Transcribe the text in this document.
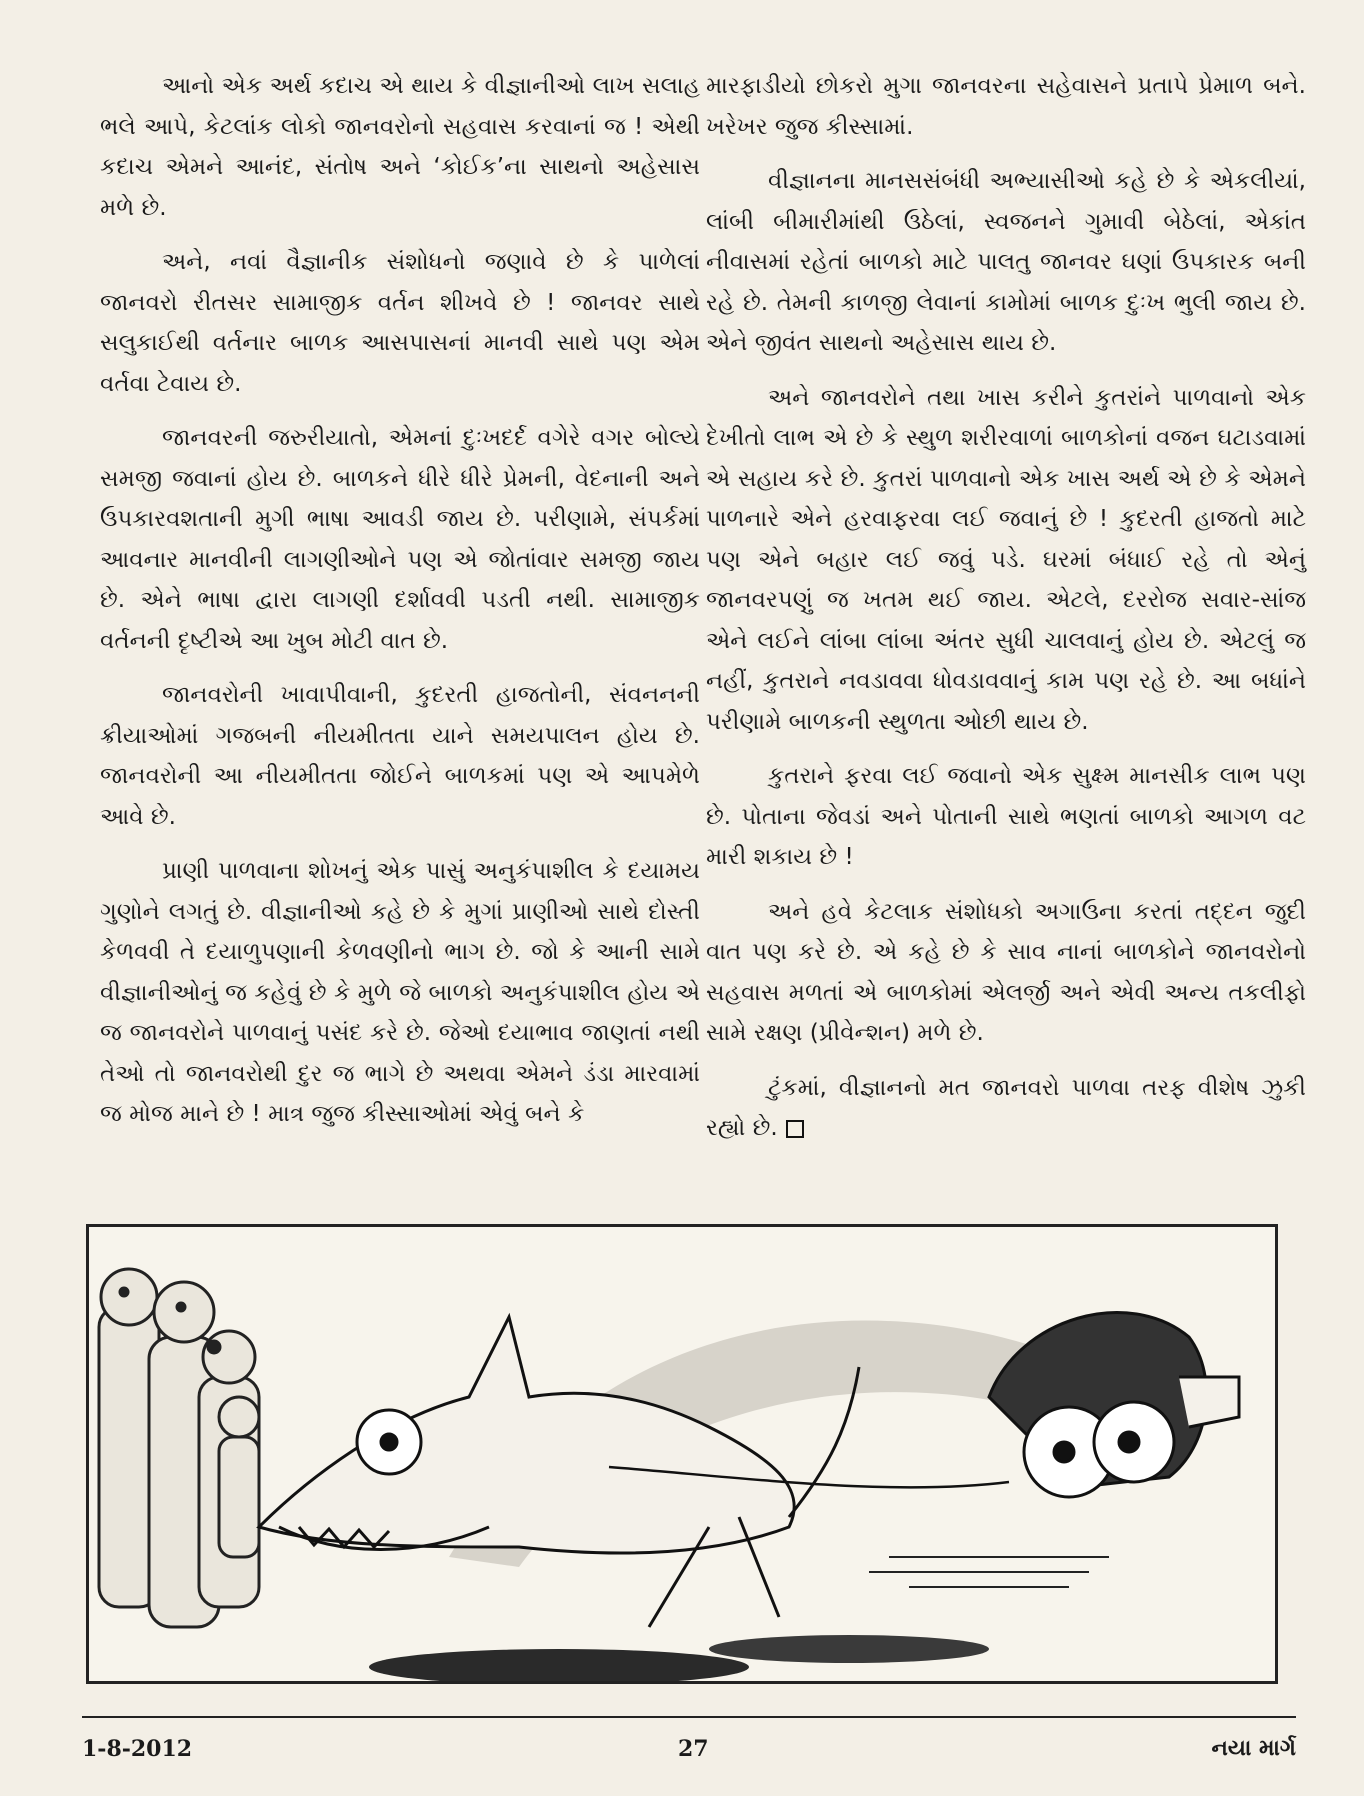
આનો એક અર્થ કદાચ એ થાય કે વીજ્ઞાનીઓ લાખ સલાહ ભલે આપે, કેટલાંક લોકો જાનવરોનો સહવાસ કરવાનાં જ ! એથી કદાચ એમને આનંદ, સંતોષ અને ‘કોઈક’ના સાથનો અહેસાસ મળે છે.

અને, નવાં વૈજ્ઞાનીક સંશોધનો જણાવે છે કે પાળેલાં જાનવરો રીતસર સામાજીક વર્તન શીખવે છે ! જાનવર સાથે સલુકાઈથી વર્તનાર બાળક આસપાસનાં માનવી સાથે પણ એમ વર્તવા ટેવાય છે.

જાનવરની જરુરીયાતો, એમનાં દુઃખદર્દ વગેરે વગર બોલ્યે સમજી જવાનાં હોય છે. બાળકને ધીરે ધીરે પ્રેમની, વેદનાની અને ઉપકારવશતાની મુગી ભાષા આવડી જાય છે. પરીણામે, સંપર્કમાં આવનાર માનવીની લાગણીઓને પણ એ જોતાંવાર સમજી જાય છે. એને ભાષા દ્વારા લાગણી દર્શાવવી પડતી નથી. સામાજીક વર્તનની દૃષ્ટીએ આ ખુબ મોટી વાત છે.

જાનવરોની ખાવાપીવાની, કુદરતી હાજતોની, સંવનનની ક્રીયાઓમાં ગજબની નીયમીતતા યાને સમયપાલન હોય છે. જાનવરોની આ નીયમીતતા જોઈને બાળકમાં પણ એ આપમેળે આવે છે.

પ્રાણી પાળવાના શોખનું એક પાસું અનુકંપાશીલ કે દયામય ગુણોને લગતું છે. વીજ્ઞાનીઓ કહે છે કે મુગાં પ્રાણીઓ સાથે દોસ્તી કેળવવી તે દયાળુપણાની કેળવણીનો ભાગ છે. જો કે આની સામે વીજ્ઞાનીઓનું જ કહેવું છે કે મુળે જે બાળકો અનુકંપાશીલ હોય એ જ જાનવરોને પાળવાનું પસંદ કરે છે. જેઓ દયાભાવ જાણતાં નથી તેઓ તો જાનવરોથી દુર જ ભાગે છે અથવા એમને ડંડા મારવામાં જ મોજ માને છે ! માત્ર જુજ કીસ્સાઓમાં એવું બને કે

મારફાડીયો છોકરો મુગા જાનવરના સહેવાસને પ્રતાપે પ્રેમાળ બને. ખરેખર જુજ કીસ્સામાં.

વીજ્ઞાનના માનસસંબંધી અભ્યાસીઓ કહે છે કે એકલીયાં, લાંબી બીમારીમાંથી ઉઠેલાં, સ્વજનને ગુમાવી બેઠેલાં, એકાંત નીવાસમાં રહેતાં બાળકો માટે પાલતુ જાનવર ઘણાં ઉપકારક બની રહે છે. તેમની કાળજી લેવાનાં કામોમાં બાળક દુઃખ ભુલી જાય છે. એને જીવંત સાથનો અહેસાસ થાય છે.

અને જાનવરોને તથા ખાસ કરીને કુતરાંને પાળવાનો એક દેખીતો લાભ એ છે કે સ્થુળ શરીરવાળાં બાળકોનાં વજન ઘટાડવામાં એ સહાય કરે છે. કુતરાં પાળવાનો એક ખાસ અર્થ એ છે કે એમને પાળનારે એને હરવાફરવા લઈ જવાનું છે ! કુદરતી હાજતો માટે પણ એને બહાર લઈ જવું પડે. ઘરમાં બંધાઈ રહે તો એનું જાનવરપણું જ ખતમ થઈ જાય. એટલે, દરરોજ સવાર-સાંજ એને લઈને લાંબા લાંબા અંતર સુધી ચાલવાનું હોય છે. એટલું જ નહીં, કુતરાને નવડાવવા ધોવડાવવાનું કામ પણ રહે છે. આ બધાંને પરીણામે બાળકની સ્થુળતા ઓછી થાય છે.

કુતરાને ફરવા લઈ જવાનો એક સુક્ષ્મ માનસીક લાભ પણ છે. પોતાના જેવડાં અને પોતાની સાથે ભણતાં બાળકો આગળ વટ મારી શકાય છે !

અને હવે કેટલાક સંશોધકો અગાઉના કરતાં તદ્દન જુદી વાત પણ કરે છે. એ કહે છે કે સાવ નાનાં બાળકોને જાનવરોનો સહવાસ મળતાં એ બાળકોમાં એલર્જી અને એવી અન્ય તકલીફો સામે રક્ષણ (પ્રીવેન્શન) મળે છે.

ટુંકમાં, વીજ્ઞાનનો મત જાનવરો પાળવા તરફ વીશેષ ઝુકી રહ્યો છે.

1-8-2012	27	નયા માર્ગ
